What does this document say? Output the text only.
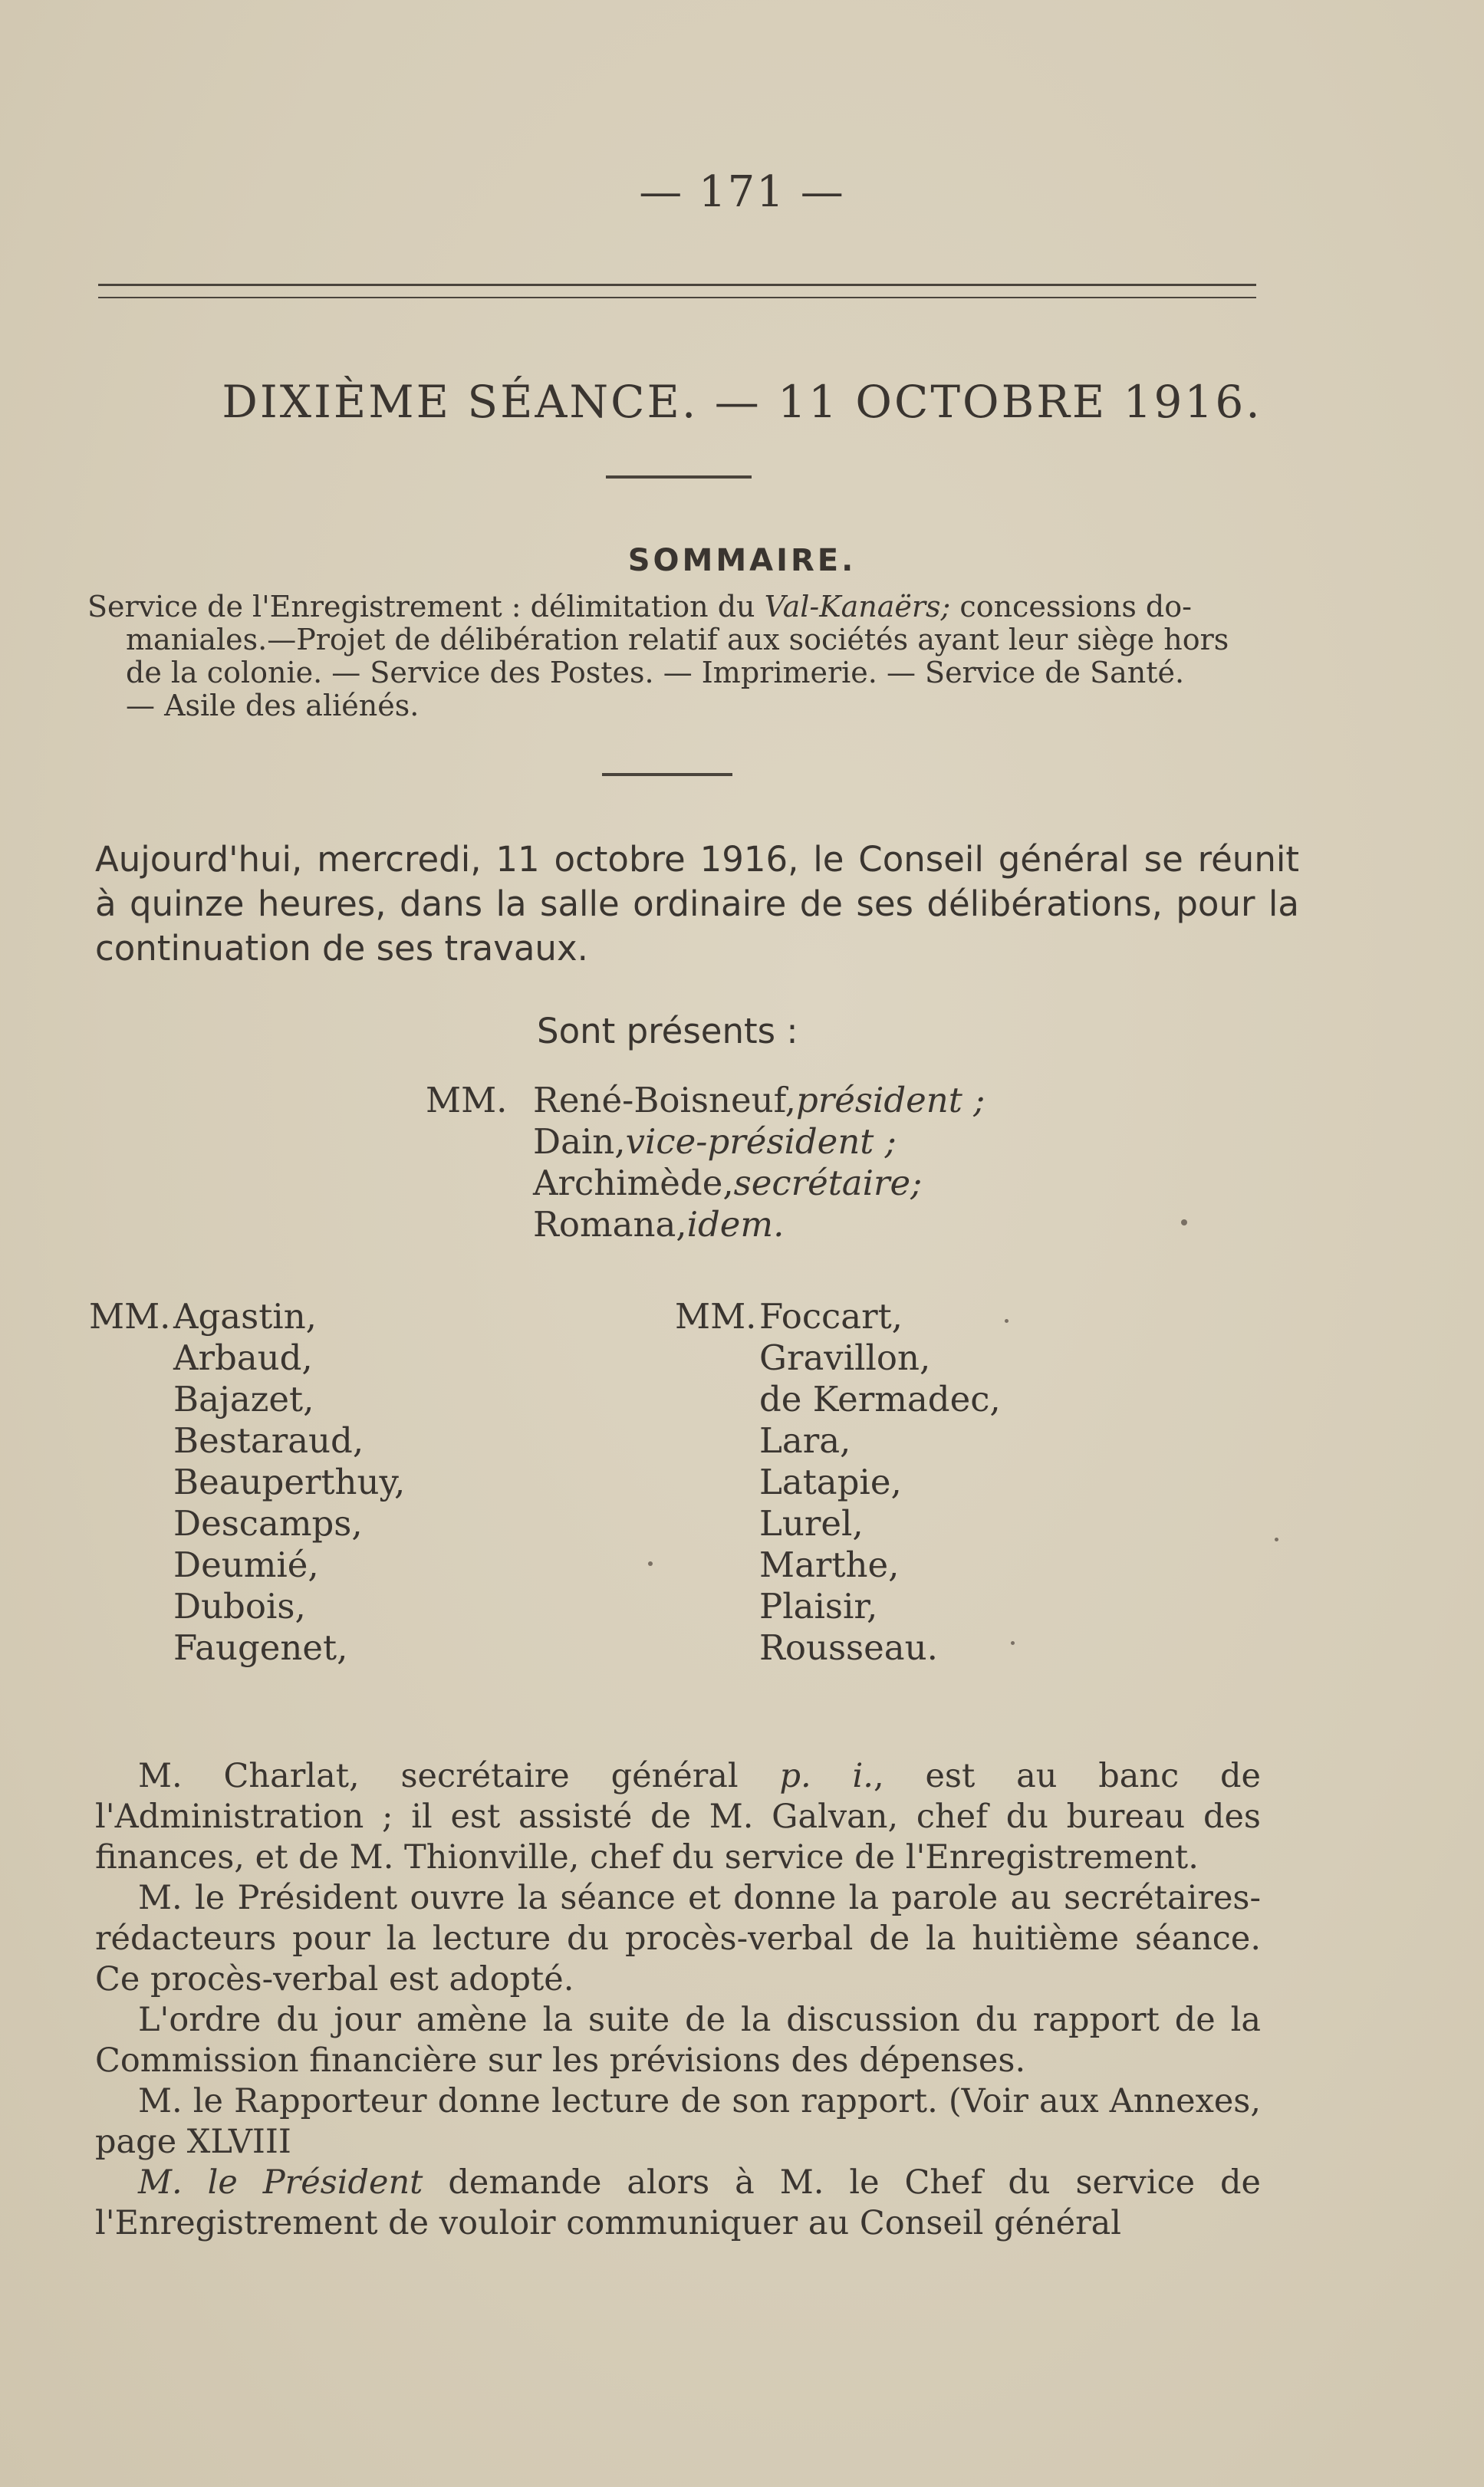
— 171 —
DIXIÈME SÉANCE. — 11 OCTOBRE 1916.
SOMMAIRE.
Service de l'Enregistrement : délimitation du Val-Kanaërs; concessions do-
maniales.—Projet de délibération relatif aux sociétés ayant leur siège hors
de la colonie. — Service des Postes. — Imprimerie. — Service de Santé.
— Asile des aliénés.
Aujourd'hui, mercredi, 11 octobre 1916, le Conseil général se réunit à quinze heures, dans la salle ordinaire de ses délibérations, pour la continuation de ses travaux.
Sont présents :
MM. René-Boisneuf, président ;
Dain, vice-président ;
Archimède, secrétaire;
Romana, idem.
MM.Agastin,
Arbaud,
Bajazet,
Bestaraud,
Beauperthuy,
Descamps,
Deumié,
Dubois,
Faugenet,
MM.Foccart,
Gravillon,
de Kermadec,
Lara,
Latapie,
Lurel,
Marthe,
Plaisir,
Rousseau.

M. Charlat, secrétaire général p. i., est au banc de l'Administration ; il est assisté de M. Galvan, chef du bureau des finances, et de M. Thionville, chef du service de l'Enregistrement.

M. le Président ouvre la séance et donne la parole au secrétaires-rédacteurs pour la lecture du procès-verbal de la huitième séance. Ce procès-verbal est adopté.

L'ordre du jour amène la suite de la discussion du rapport de la Commission financière sur les prévisions des dépenses.

M. le Rapporteur donne lecture de son rapport. (Voir aux Annexes, page XLVIII

M. le Président demande alors à M. le Chef du service de l'Enregistrement de vouloir communiquer au Conseil général
